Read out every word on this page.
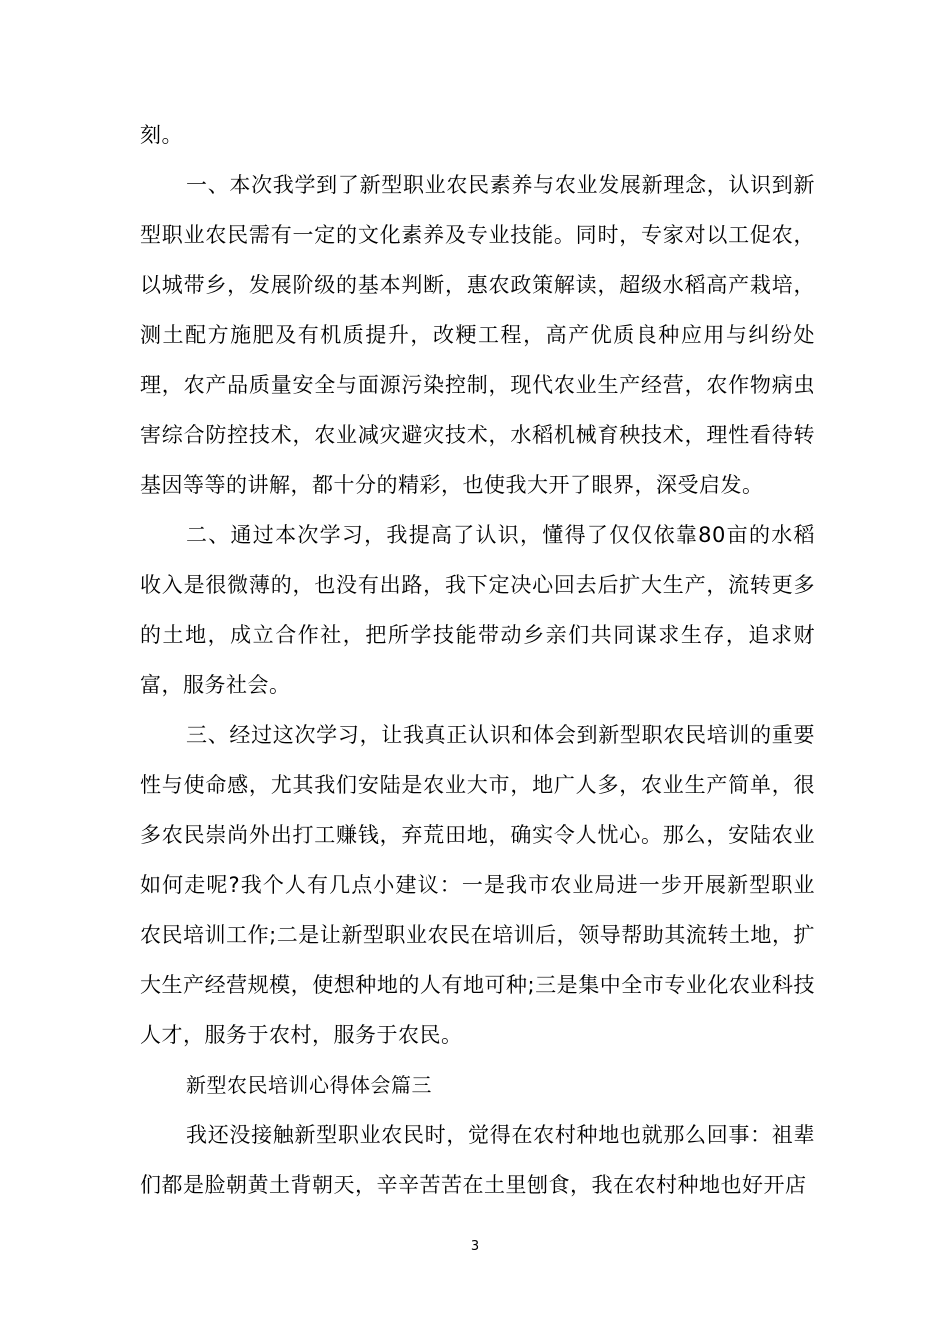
刻。

一、本次我学到了新型职业农民素养与农业发展新理念，认识到新型职业农民需有一定的文化素养及专业技能。同时，专家对以工促农，以城带乡，发展阶级的基本判断，惠农政策解读，超级水稻高产栽培，测土配方施肥及有机质提升，改粳工程，高产优质良种应用与纠纷处理，农产品质量安全与面源污染控制，现代农业生产经营，农作物病虫害综合防控技术，农业减灾避灾技术，水稻机械育秧技术，理性看待转基因等等的讲解，都十分的精彩，也使我大开了眼界，深受启发。

二、通过本次学习，我提高了认识，懂得了仅仅依靠80亩的水稻收入是很微薄的，也没有出路，我下定决心回去后扩大生产，流转更多的土地，成立合作社，把所学技能带动乡亲们共同谋求生存，追求财富，服务社会。

三、经过这次学习，让我真正认识和体会到新型职农民培训的重要性与使命感，尤其我们安陆是农业大市，地广人多，农业生产简单，很多农民崇尚外出打工赚钱，弃荒田地，确实令人忧心。那么，安陆农业如何走呢?我个人有几点小建议：一是我市农业局进一步开展新型职业农民培训工作;二是让新型职业农民在培训后，领导帮助其流转土地，扩大生产经营规模，使想种地的人有地可种;三是集中全市专业化农业科技人才，服务于农村，服务于农民。

新型农民培训心得体会篇三

我还没接触新型职业农民时，觉得在农村种地也就那么回事：祖辈们都是脸朝黄土背朝天，辛辛苦苦在土里刨食，我在农村种地也好开店

3
